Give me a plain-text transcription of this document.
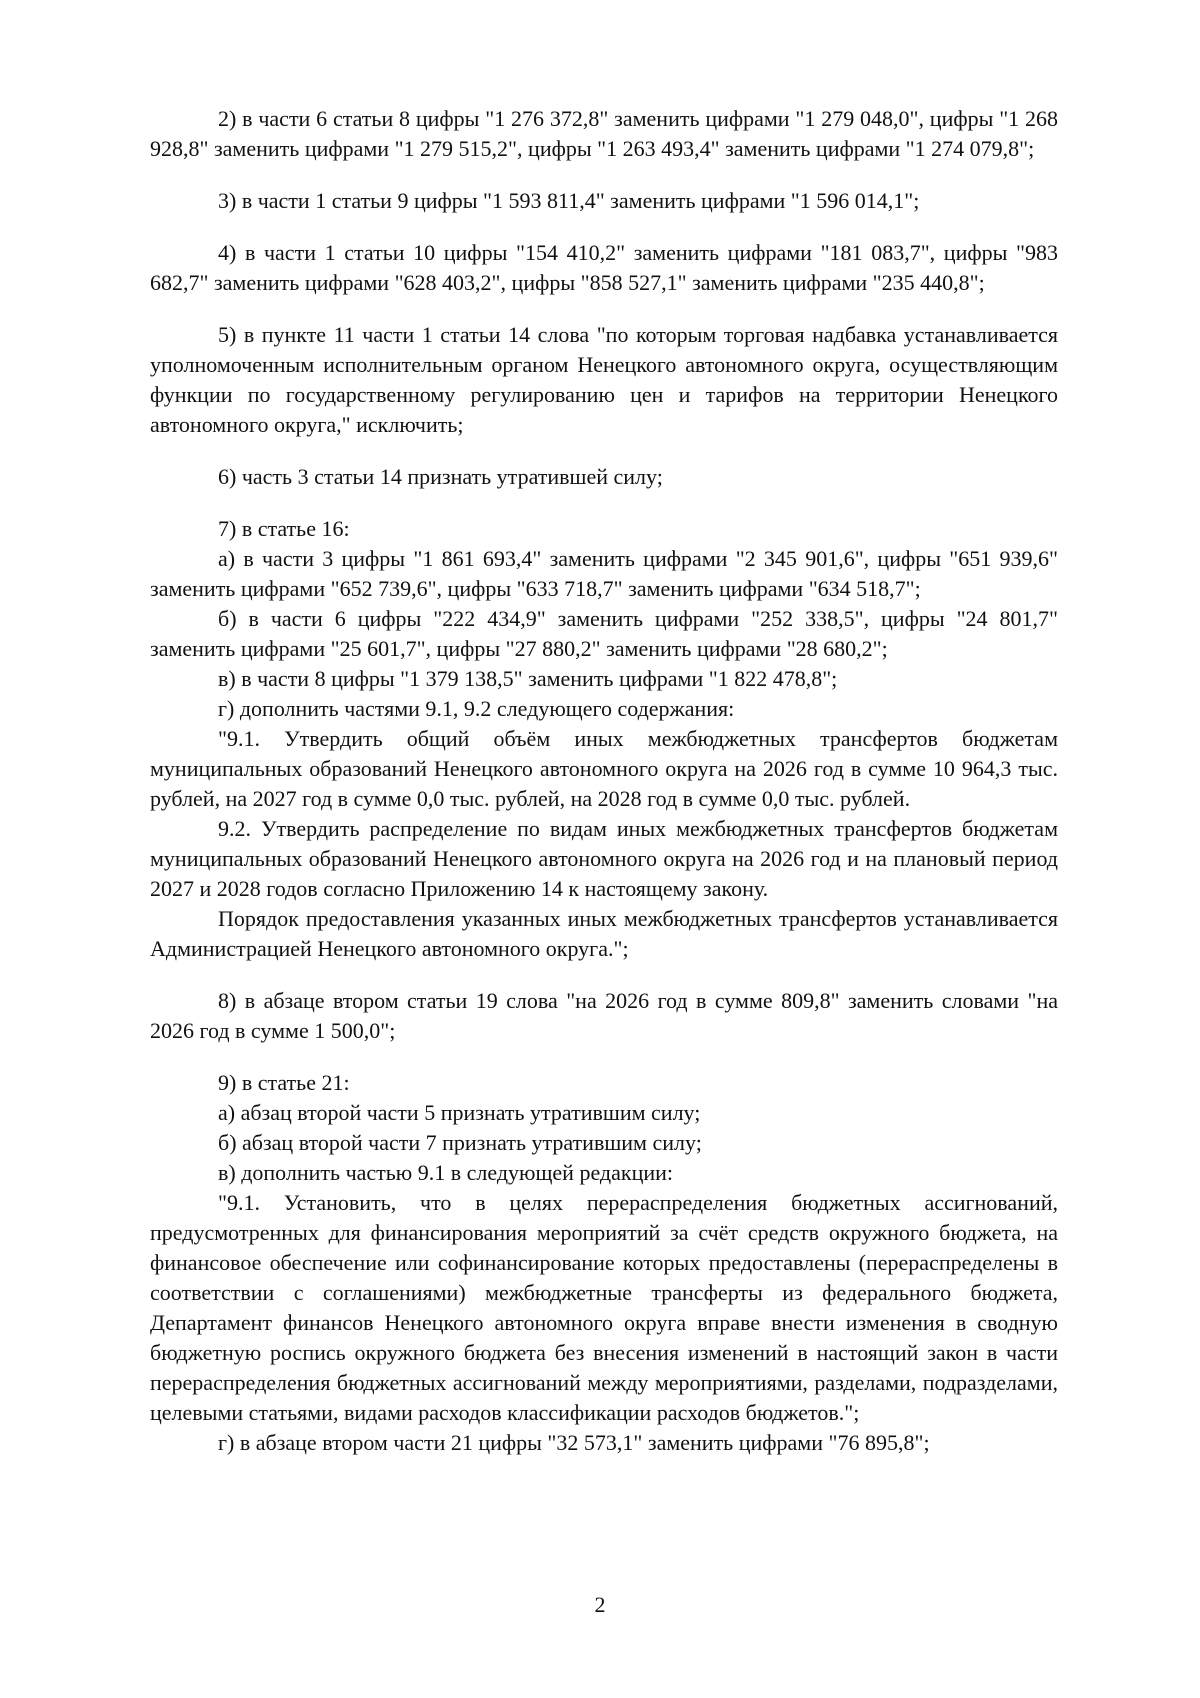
2) в части 6 статьи 8 цифры "1 276 372,8" заменить цифрами "1 279 048,0", цифры "1 268 928,8" заменить цифрами "1 279 515,2", цифры "1 263 493,4" заменить цифрами "1 274 079,8";

3) в части 1 статьи 9 цифры "1 593 811,4" заменить цифрами "1 596 014,1";

4) в части 1 статьи 10 цифры "154 410,2" заменить цифрами "181 083,7", цифры "983 682,7" заменить цифрами "628 403,2", цифры "858 527,1" заменить цифрами "235 440,8";

5) в пункте 11 части 1 статьи 14 слова "по которым торговая надбавка устанавливается уполномоченным исполнительным органом Ненецкого автономного округа, осуществляющим функции по государственному регулированию цен и тарифов на территории Ненецкого автономного округа," исключить;

6) часть 3 статьи 14 признать утратившей силу;

7) в статье 16:

а) в части 3 цифры "1 861 693,4" заменить цифрами "2 345 901,6", цифры "651 939,6" заменить цифрами "652 739,6", цифры "633 718,7" заменить цифрами "634 518,7";

б) в части 6 цифры "222 434,9" заменить цифрами "252 338,5", цифры "24 801,7" заменить цифрами "25 601,7", цифры "27 880,2" заменить цифрами "28 680,2";

в) в части 8 цифры "1 379 138,5" заменить цифрами "1 822 478,8";

г) дополнить частями 9.1, 9.2 следующего содержания:

"9.1. Утвердить общий объём иных межбюджетных трансфертов бюджетам муниципальных образований Ненецкого автономного округа на 2026 год в сумме 10 964,3 тыс. рублей, на 2027 год в сумме 0,0 тыс. рублей, на 2028 год в сумме 0,0 тыс. рублей.

9.2. Утвердить распределение по видам иных межбюджетных трансфертов бюджетам муниципальных образований Ненецкого автономного округа на 2026 год и на плановый период 2027 и 2028 годов согласно Приложению 14 к настоящему закону.

Порядок предоставления указанных иных межбюджетных трансфертов устанавливается Администрацией Ненецкого автономного округа.";

8) в абзаце втором статьи 19 слова "на 2026 год в сумме 809,8" заменить словами "на 2026 год в сумме 1 500,0";

9) в статье 21:

а) абзац второй части 5 признать утратившим силу;

б) абзац второй части 7 признать утратившим силу;

в) дополнить частью 9.1 в следующей редакции:

"9.1. Установить, что в целях перераспределения бюджетных ассигнований, предусмотренных для финансирования мероприятий за счёт средств окружного бюджета, на финансовое обеспечение или софинансирование которых предоставлены (перераспределены в соответствии с соглашениями) межбюджетные трансферты из федерального бюджета, Департамент финансов Ненецкого автономного округа вправе внести изменения в сводную бюджетную роспись окружного бюджета без внесения изменений в настоящий закон в части перераспределения бюджетных ассигнований между мероприятиями, разделами, подразделами, целевыми статьями, видами расходов классификации расходов бюджетов.";

г) в абзаце втором части 21 цифры "32 573,1" заменить цифрами "76 895,8";

2
